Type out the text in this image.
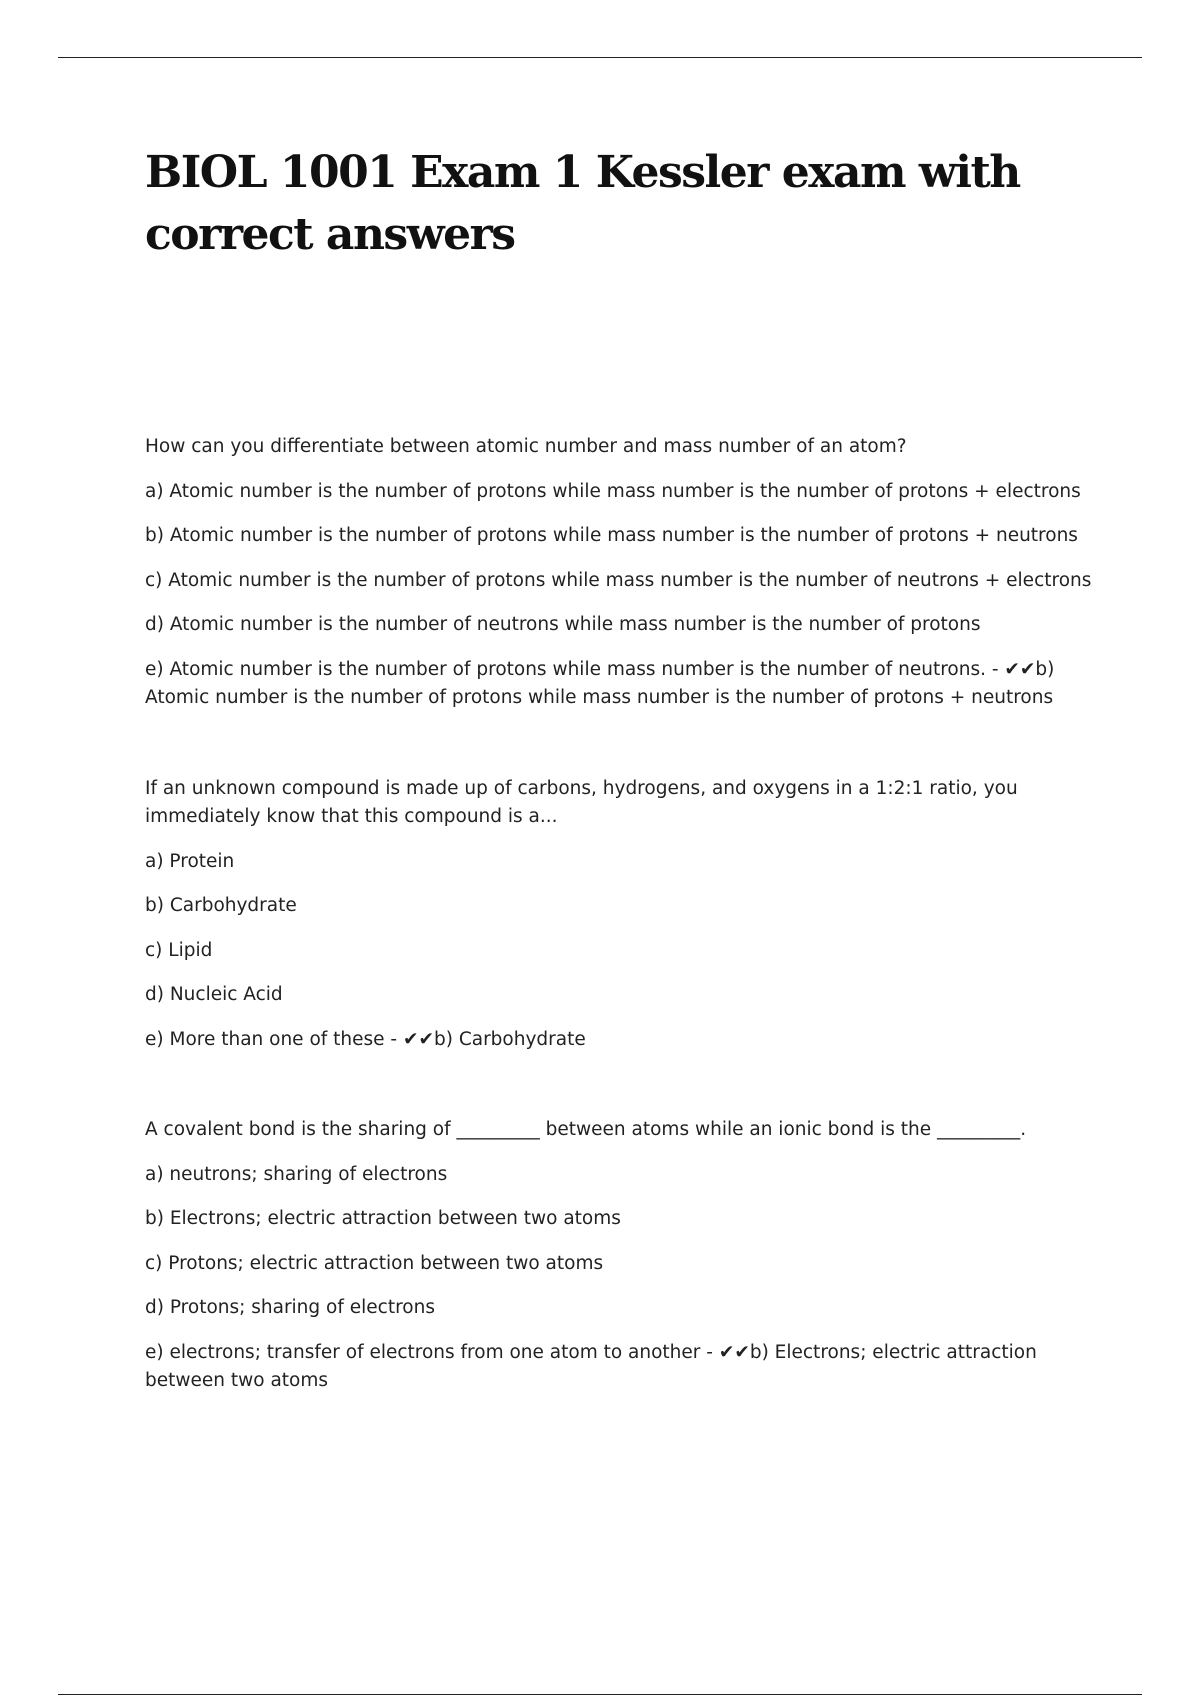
BIOL 1001 Exam 1 Kessler exam with correct answers

How can you differentiate between atomic number and mass number of an atom?

a) Atomic number is the number of protons while mass number is the number of protons + electrons

b) Atomic number is the number of protons while mass number is the number of protons + neutrons

c) Atomic number is the number of protons while mass number is the number of neutrons + electrons

d) Atomic number is the number of neutrons while mass number is the number of protons

e) Atomic number is the number of protons while mass number is the number of neutrons. - ✔✔b) Atomic number is the number of protons while mass number is the number of protons + neutrons

If an unknown compound is made up of carbons, hydrogens, and oxygens in a 1:2:1 ratio, you immediately know that this compound is a...

a) Protein

b) Carbohydrate

c) Lipid

d) Nucleic Acid

e) More than one of these - ✔✔b) Carbohydrate

A covalent bond is the sharing of _________ between atoms while an ionic bond is the _________.

a) neutrons; sharing of electrons

b) Electrons; electric attraction between two atoms

c) Protons; electric attraction between two atoms

d) Protons; sharing of electrons

e) electrons; transfer of electrons from one atom to another - ✔✔b) Electrons; electric attraction between two atoms
